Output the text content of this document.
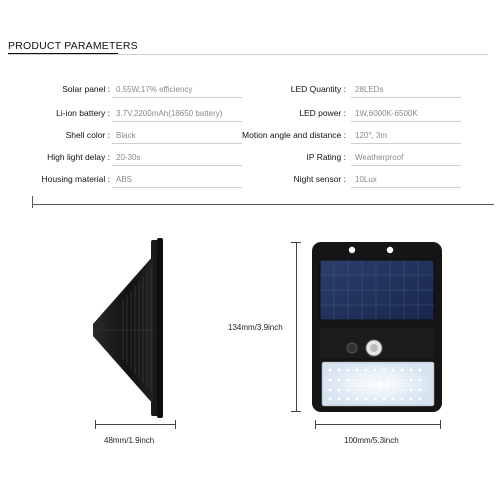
PRODUCT PARAMETERS
Solar panel : 0.55W,17% efficiency
Li-ion battery : 3.7V,2200mAh(18650 battery)
Shell color : Black
High light delay : 20-30s
Housing material : ABS
LED Quantity : 28LEDs
LED power : 1W,6000K-6500K
Motion angle and distance : 120°, 3m
IP Rating : Weatherproof
Night sensor : 10Lux
48mm/1.9inch
134mm/3.9inch
100mm/5.3inch
